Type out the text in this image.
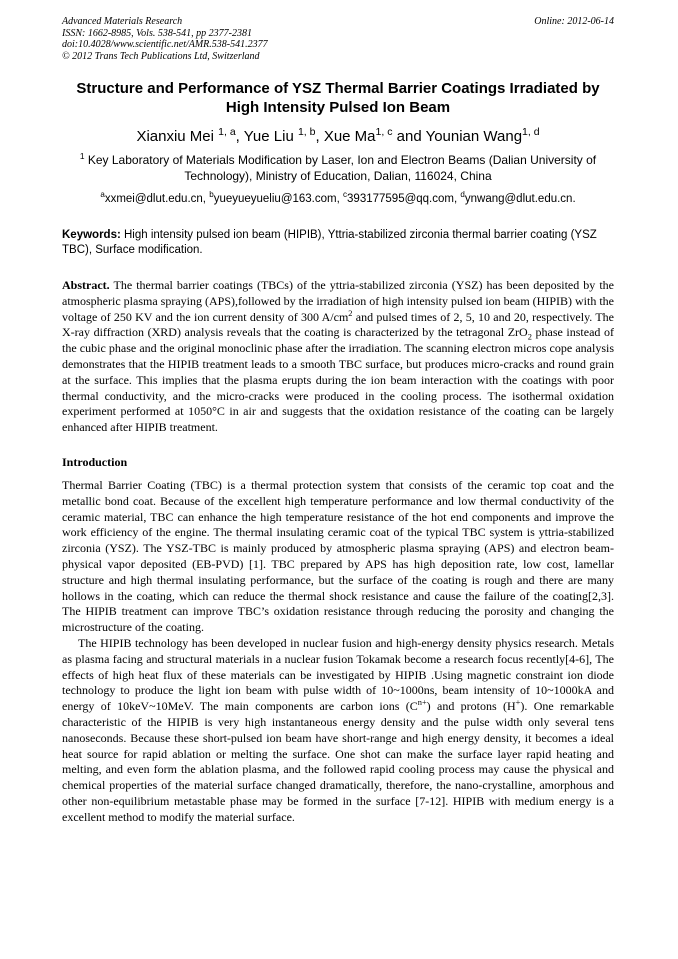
Advanced Materials Research
ISSN: 1662-8985, Vols. 538-541, pp 2377-2381
doi:10.4028/www.scientific.net/AMR.538-541.2377
© 2012 Trans Tech Publications Ltd, Switzerland
Online: 2012-06-14
Structure and Performance of YSZ Thermal Barrier Coatings Irradiated by High Intensity Pulsed Ion Beam
Xianxiu Mei $^{1, a}$, Yue Liu $^{1, b}$, Xue Ma$^{1, c}$ and Younian Wang$^{1, d}$
$^1$ Key Laboratory of Materials Modification by Laser, Ion and Electron Beams (Dalian University of Technology), Ministry of Education, Dalian, 116024, China
$^a$xxmei@dlut.edu.cn, $^b$yueyueyueliu@163.com, $^c$393177595@qq.com, $^d$ynwang@dlut.edu.cn.
Keywords: High intensity pulsed ion beam (HIPIB), Yttria-stabilized zirconia thermal barrier coating (YSZ TBC), Surface modification.
Abstract. The thermal barrier coatings (TBCs) of the yttria-stabilized zirconia (YSZ) has been deposited by the atmospheric plasma spraying (APS),followed by the irradiation of high intensity pulsed ion beam (HIPIB) with the voltage of 250 KV and the ion current density of 300 $A/cm^2$ and pulsed times of 2, 5, 10 and 20, respectively. The X-ray diffraction (XRD) analysis reveals that the coating is characterized by the tetragonal ZrO$_2$ phase instead of the cubic phase and the original monoclinic phase after the irradiation. The scanning electron micros cope analysis demonstrates that the HIPIB treatment leads to a smooth TBC surface, but produces micro-cracks and round grain at the surface. This implies that the plasma erupts during the ion beam interaction with the coatings with poor thermal conductivity, and the micro-cracks were produced in the cooling process. The isothermal oxidation experiment performed at 1050°C in air and suggests that the oxidation resistance of the coating can be largely enhanced after HIPIB treatment.
Introduction
Thermal Barrier Coating (TBC) is a thermal protection system that consists of the ceramic top coat and the metallic bond coat. Because of the excellent high temperature performance and low thermal conductivity of the ceramic material, TBC can enhance the high temperature resistance of the hot end components and improve the work efficiency of the engine. The thermal insulating ceramic coat of the typical TBC system is yttria-stabilized zirconia (YSZ). The YSZ-TBC is mainly produced by atmospheric plasma spraying (APS) and electron beam-physical vapor deposited (EB-PVD) [1]. TBC prepared by APS has high deposition rate, low cost, lamellar structure and high thermal insulating performance, but the surface of the coating is rough and there are many hollows in the coating, which can reduce the thermal shock resistance and cause the failure of the coating[2,3]. The HIPIB treatment can improve TBC’s oxidation resistance through reducing the porosity and changing the microstructure of the coating.
The HIPIB technology has been developed in nuclear fusion and high-energy density physics research. Metals as plasma facing and structural materials in a nuclear fusion Tokamak become a research focus recently[4-6], The effects of high heat flux of these materials can be investigated by HIPIB .Using magnetic constraint ion diode technology to produce the light ion beam with pulse width of 10~1000ns, beam intensity of 10~1000kA and energy of 10keV~10MeV. The main components are carbon ions $(C^{n+})$ and protons (H+). One remarkable characteristic of the HIPIB is very high instantaneous energy density and the pulse width only several tens nanoseconds. Because these short-pulsed ion beam have short-range and high energy density, it becomes a ideal heat source for rapid ablation or melting the surface. One shot can make the surface layer rapid heating and melting, and even form the ablation plasma, and the followed rapid cooling process may cause the physical and chemical properties of the material surface changed dramatically, therefore, the nano-crystalline, amorphous and other non-equilibrium metastable phase may be formed in the surface [7-12]. HIPIB with medium energy is a excellent method to modify the material surface.
